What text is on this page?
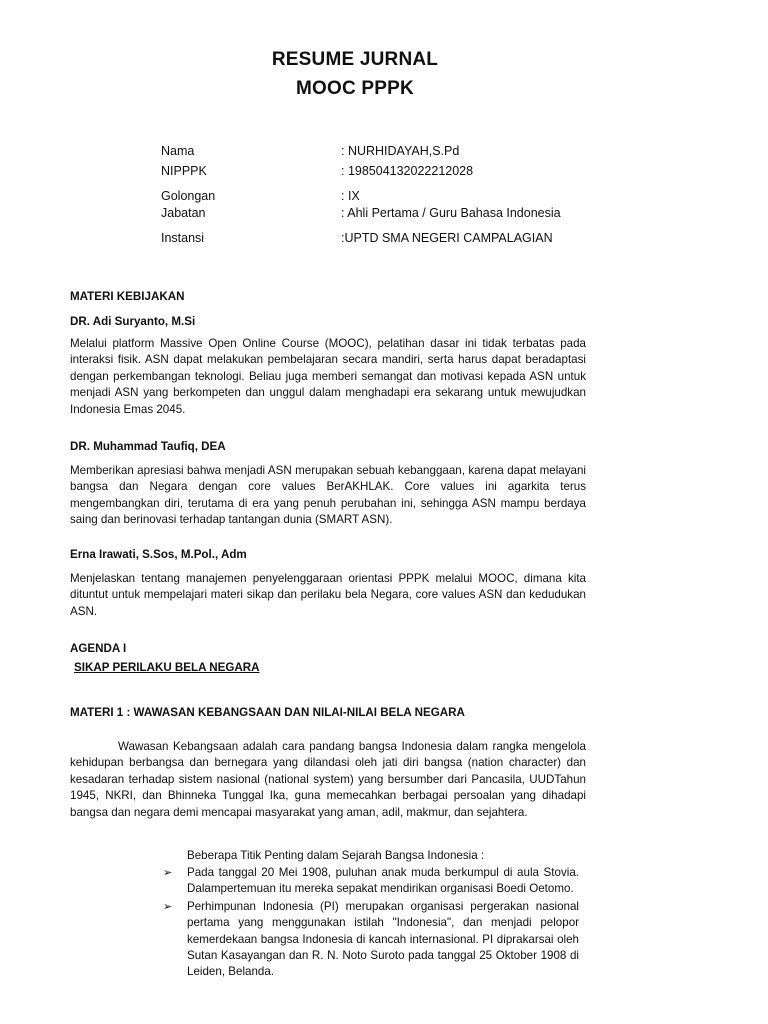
RESUME JURNAL
MOOC PPPK
Nama	: NURHIDAYAH,S.Pd
NIPPPK	: 198504132022212028
Golongan	: IX
Jabatan	: Ahli Pertama / Guru Bahasa Indonesia
Instansi	:UPTD SMA NEGERI CAMPALAGIAN
MATERI KEBIJAKAN
DR. Adi Suryanto, M.Si
Melalui platform Massive Open Online Course (MOOC), pelatihan dasar ini tidak terbatas pada interaksi fisik. ASN dapat melakukan pembelajaran secara mandiri, serta harus dapat beradaptasi dengan perkembangan teknologi. Beliau juga memberi semangat dan motivasi kepada ASN untuk menjadi ASN yang berkompeten dan unggul dalam menghadapi era sekarang untuk mewujudkan Indonesia Emas 2045.
DR. Muhammad Taufiq, DEA
Memberikan apresiasi bahwa menjadi ASN merupakan sebuah kebanggaan, karena dapat melayani bangsa dan Negara dengan core values BerAKHLAK. Core values ini agarkita terus mengembangkan diri, terutama di era yang penuh perubahan ini, sehingga ASN mampu berdaya saing dan berinovasi terhadap tantangan dunia (SMART ASN).
Erna Irawati, S.Sos, M.Pol., Adm
Menjelaskan tentang manajemen penyelenggaraan orientasi PPPK melalui MOOC, dimana kita dituntut untuk mempelajari materi sikap dan perilaku bela Negara, core values ASN dan kedudukan ASN.
AGENDA I
SIKAP PERILAKU BELA NEGARA
MATERI 1 : WAWASAN KEBANGSAAN DAN NILAI-NILAI BELA NEGARA
Wawasan Kebangsaan adalah cara pandang bangsa Indonesia dalam rangka mengelola kehidupan berbangsa dan bernegara yang dilandasi oleh jati diri bangsa (nation character) dan kesadaran terhadap sistem nasional (national system) yang bersumber dari Pancasila, UUDTahun 1945, NKRI, dan Bhinneka Tunggal Ika, guna memecahkan berbagai persoalan yang dihadapi bangsa dan negara demi mencapai masyarakat yang aman, adil, makmur, dan sejahtera.
Beberapa Titik Penting dalam Sejarah Bangsa Indonesia :
➢	Pada tanggal 20 Mei 1908, puluhan anak muda berkumpul di aula Stovia. Dalampertemuan itu mereka sepakat mendirikan organisasi Boedi Oetomo.
➢	Perhimpunan Indonesia (PI) merupakan organisasi pergerakan nasional pertama yang menggunakan istilah "Indonesia", dan menjadi pelopor kemerdekaan bangsa Indonesia di kancah internasional. PI diprakarsai oleh Sutan Kasayangan dan R. N. Noto Suroto pada tanggal 25 Oktober 1908 di Leiden, Belanda.
